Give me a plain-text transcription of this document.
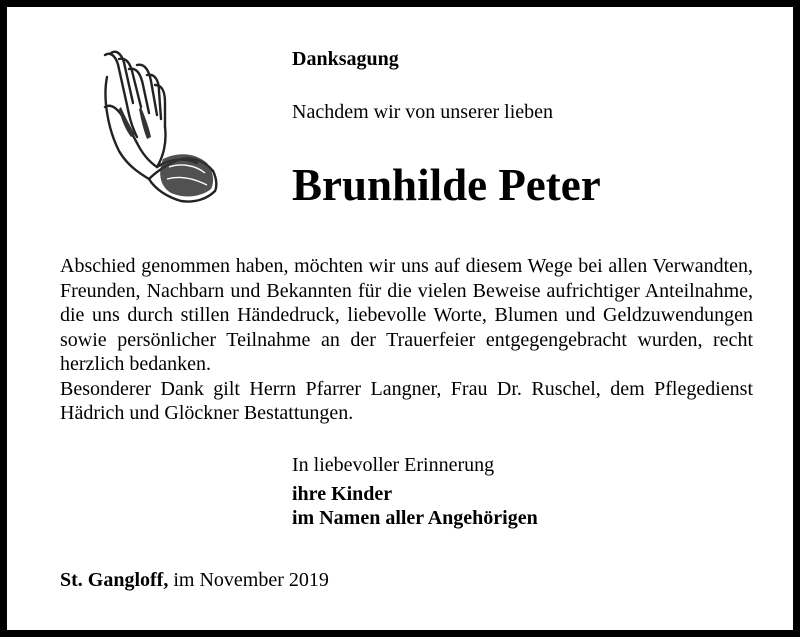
Danksagung
Nachdem wir von unserer lieben
Brunhilde Peter

Abschied genommen haben, möchten wir uns auf diesem Wege bei allen Verwandten, Freunden, Nachbarn und Bekannten für die vielen Beweise aufrichtiger Anteilnahme, die uns durch stillen Händedruck, liebevolle Worte, Blumen und Geldzuwendungen sowie persönlicher Teilnahme an der Trauerfeier entgegengebracht wurden, recht herzlich bedanken.

Besonderer Dank gilt Herrn Pfarrer Langner, Frau Dr. Ruschel, dem Pflegedienst Hädrich und Glöckner Bestattungen.

In liebevoller Erinnerung
ihre Kinder
im Namen aller Angehörigen
St. Gangloff, im November 2019
